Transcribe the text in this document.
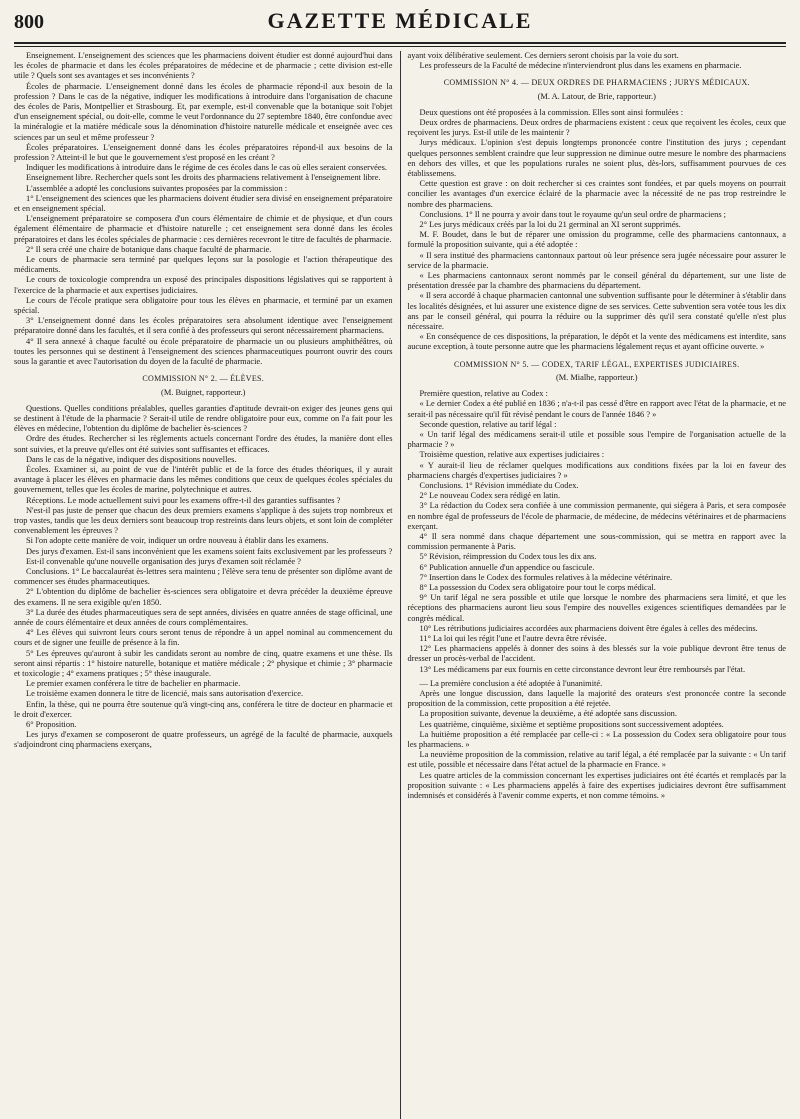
800	GAZETTE MÉDICALE

Enseignement. L'enseignement des sciences que les pharmaciens doivent étudier est donné aujourd'hui dans les écoles de pharmacie et dans les écoles préparatoires de médecine et de pharmacie ; cette division est-elle utile ? Quels sont ses avantages et ses inconvénients ?

Écoles de pharmacie. L'enseignement donné dans les écoles de pharmacie répond-il aux besoin de la profession ? Dans le cas de la négative, indiquer les modifications à introduire dans l'organisation de chacune des écoles de Paris, Montpellier et Strasbourg. Et, par exemple, est-il convenable que la botanique soit l'objet d'un enseignement spécial, ou doit-elle, comme le veut l'ordonnance du 27 septembre 1840, être confondue avec la minéralogie et la matière médicale sous la dénomination d'histoire naturelle médicale et enseignée avec ces sciences par un seul et même professeur ?

Écoles préparatoires. L'enseignement donné dans les écoles préparatoires répond-il aux besoins de la profession ? Atteint-il le but que le gouvernement s'est proposé en les créant ?

Indiquer les modifications à introduire dans le régime de ces écoles dans le cas où elles seraient conservées.

Enseignement libre. Rechercher quels sont les droits des pharmaciens relativement à l'enseignement libre.

L'assemblée a adopté les conclusions suivantes proposées par la commission :

1° L'enseignement des sciences que les pharmaciens doivent étudier sera divisé en enseignement préparatoire et en enseignement spécial.

L'enseignement préparatoire se composera d'un cours élémentaire de chimie et de physique, et d'un cours également élémentaire de pharmacie et d'histoire naturelle ; cet enseignement sera donné dans les écoles préparatoires et dans les écoles spéciales de pharmacie : ces dernières recevront le titre de facultés de pharmacie.

2° Il sera créé une chaire de botanique dans chaque faculté de pharmacie.

Le cours de pharmacie sera terminé par quelques leçons sur la posologie et l'action thérapeutique des médicaments.

Le cours de toxicologie comprendra un exposé des principales dispositions législatives qui se rapportent à l'exercice de la pharmacie et aux expertises judiciaires.

Le cours de l'école pratique sera obligatoire pour tous les élèves en pharmacie, et terminé par un examen spécial.

3° L'enseignement donné dans les écoles préparatoires sera absolument identique avec l'enseignement préparatoire donné dans les facultés, et il sera confié à des professeurs qui seront nécessairement pharmaciens.

4° Il sera annexé à chaque faculté ou école préparatoire de pharmacie un ou plusieurs amphithéâtres, où toutes les personnes qui se destinent à l'enseignement des sciences pharmaceutiques pourront ouvrir des cours sous la garantie et avec l'autorisation du doyen de la faculté de pharmacie.

COMMISSION N° 2. — ÉLÈVES.

(M. Buignet, rapporteur.)

Questions. Quelles conditions préalables, quelles garanties d'aptitude devrait-on exiger des jeunes gens qui se destinent à l'étude de la pharmacie ? Serait-il utile de rendre obligatoire pour eux, comme on l'a fait pour les élèves en médecine, l'obtention du diplôme de bachelier ès-sciences ?

Ordre des études. Rechercher si les règlements actuels concernant l'ordre des études, la manière dont elles sont suivies, et la preuve qu'elles ont été suivies sont suffisantes et efficaces.

Dans le cas de la négative, indiquer des dispositions nouvelles.

Écoles. Examiner si, au point de vue de l'intérêt public et de la force des études théoriques, il y aurait avantage à placer les élèves en pharmacie dans les mêmes conditions que ceux de quelques écoles spéciales du gouvernement, telles que les écoles de marine, polytechnique et autres.

Réceptions. Le mode actuellement suivi pour les examens offre-t-il des garanties suffisantes ?

N'est-il pas juste de penser que chacun des deux premiers examens s'applique à des sujets trop nombreux et trop vastes, tandis que les deux derniers sont beaucoup trop restreints dans leurs objets, et sont loin de compléter convenablement les épreuves ?

Si l'on adopte cette manière de voir, indiquer un ordre nouveau à établir dans les examens.

Des jurys d'examen. Est-il sans inconvénient que les examens soient faits exclusivement par les professeurs ?

Est-il convenable qu'une nouvelle organisation des jurys d'examen soit réclamée ?

Conclusions. 1° Le baccalauréat ès-lettres sera maintenu ; l'élève sera tenu de présenter son diplôme avant de commencer ses études pharmaceutiques.

2° L'obtention du diplôme de bachelier ès-sciences sera obligatoire et devra précéder la deuxième épreuve des examens. Il ne sera exigible qu'en 1850.

3° La durée des études pharmaceutiques sera de sept années, divisées en quatre années de stage officinal, une année de cours élémentaire et deux années de cours complémentaires.

4° Les élèves qui suivront leurs cours seront tenus de répondre à un appel nominal au commencement du cours et de signer une feuille de présence à la fin.

5° Les épreuves qu'auront à subir les candidats seront au nombre de cinq, quatre examens et une thèse. Ils seront ainsi répartis : 1° histoire naturelle, botanique et matière médicale ; 2° physique et chimie ; 3° pharmacie et toxicologie ; 4° examens pratiques ; 5° thèse inaugurale.

Le premier examen conférera le titre de bachelier en pharmacie.

Le troisième examen donnera le titre de licencié, mais sans autorisation d'exercice.

Enfin, la thèse, qui ne pourra être soutenue qu'à vingt-cinq ans, conférera le titre de docteur en pharmacie et le droit d'exercer.

6° Proposition.

Les jurys d'examen se composeront de quatre professeurs, un agrégé de la faculté de pharmacie, auxquels s'adjoindront cinq pharmaciens exerçans,

ayant voix délibérative seulement. Ces derniers seront choisis par la voie du sort.

Les professeurs de la Faculté de médecine n'interviendront plus dans les examens en pharmacie.

COMMISSION N° 4. — DEUX ORDRES DE PHARMACIENS ; JURYS MÉDICAUX.

(M. A. Latour, de Brie, rapporteur.)

Deux questions ont été proposées à la commission. Elles sont ainsi formulées :

Deux ordres de pharmaciens. Deux ordres de pharmaciens existent : ceux que reçoivent les écoles, ceux que reçoivent les jurys. Est-il utile de les maintenir ?

Jurys médicaux. L'opinion s'est depuis longtemps prononcée contre l'institution des jurys ; cependant quelques personnes semblent craindre que leur suppression ne diminue outre mesure le nombre des pharmaciens en dehors des villes, et que les populations rurales ne soient plus, dès-lors, suffisamment pourvues de ces établissemens.

Cette question est grave : on doit rechercher si ces craintes sont fondées, et par quels moyens on pourrait concilier les avantages d'un exercice éclairé de la pharmacie avec la nécessité de ne pas trop restreindre le nombre des pharmaciens.

Conclusions. 1° Il ne pourra y avoir dans tout le royaume qu'un seul ordre de pharmaciens ;

2° Les jurys médicaux créés par la loi du 21 germinal an XI seront supprimés.

M. F. Boudet, dans le but de réparer une omission du programme, celle des pharmaciens cantonnaux, a formulé la proposition suivante, qui a été adoptée :

« Il sera institué des pharmaciens cantonnaux partout où leur présence sera jugée nécessaire pour assurer le service de la pharmacie.

« Les pharmaciens cantonnaux seront nommés par le conseil général du département, sur une liste de présentation dressée par la chambre des pharmaciens du département.

« Il sera accordé à chaque pharmacien cantonnal une subvention suffisante pour le déterminer à s'établir dans les localités désignées, et lui assurer une existence digne de ses services. Cette subvention sera votée tous les dix ans par le conseil général, qui pourra la réduire ou la supprimer dès qu'il sera constaté qu'elle n'est plus nécessaire.

« En conséquence de ces dispositions, la préparation, le dépôt et la vente des médicamens est interdite, sans aucune exception, à toute personne autre que les pharmaciens légalement reçus et ayant officine ouverte. »

COMMISSION N° 5. — CODEX, TARIF LÉGAL, EXPERTISES JUDICIAIRES.

(M. Mialhe, rapporteur.)

Première question, relative au Codex :

« Le dernier Codex a été publié en 1836 ; n'a-t-il pas cessé d'être en rapport avec l'état de la pharmacie, et ne serait-il pas nécessaire qu'il fût révisé pendant le cours de l'année 1846 ? »

Seconde question, relative au tarif légal :

« Un tarif légal des médicamens serait-il utile et possible sous l'empire de l'organisation actuelle de la pharmacie ? »

Troisième question, relative aux expertises judiciaires :

« Y aurait-il lieu de réclamer quelques modifications aux conditions fixées par la loi en faveur des pharmaciens chargés d'expertises judiciaires ? »

Conclusions. 1° Révision immédiate du Codex.

2° Le nouveau Codex sera rédigé en latin.

3° La rédaction du Codex sera confiée à une commission permanente, qui siégera à Paris, et sera composée en nombre égal de professeurs de l'école de pharmacie, de médecine, de médecins vétérinaires et de pharmaciens exerçant.

4° Il sera nommé dans chaque département une sous-commission, qui se mettra en rapport avec la commission permanente à Paris.

5° Révision, réimpression du Codex tous les dix ans.

6° Publication annuelle d'un appendice ou fascicule.

7° Insertion dans le Codex des formules relatives à la médecine vétérinaire.

8° La possession du Codex sera obligatoire pour tout le corps médical.

9° Un tarif légal ne sera possible et utile que lorsque le nombre des pharmaciens sera limité, et que les réceptions des pharmaciens auront lieu sous l'empire des nouvelles exigences scientifiques demandées par le congrès médical.

10° Les rétributions judiciaires accordées aux pharmaciens doivent être égales à celles des médecins.

11° La loi qui les régit l'une et l'autre devra être révisée.

12° Les pharmaciens appelés à donner des soins à des blessés sur la voie publique devront être tenus de dresser un procès-verbal de l'accident.

13° Les médicamens par eux fournis en cette circonstance devront leur être remboursés par l'état.

— La première conclusion a été adoptée à l'unanimité.

Après une longue discussion, dans laquelle la majorité des orateurs s'est prononcée contre la seconde proposition de la commission, cette proposition a été rejetée.

La proposition suivante, devenue la deuxième, a été adoptée sans discussion.

Les quatrième, cinquième, sixième et septième propositions sont successivement adoptées.

La huitième proposition a été remplacée par celle-ci : « La possession du Codex sera obligatoire pour tous les pharmaciens. »

La neuvième proposition de la commission, relative au tarif légal, a été remplacée par la suivante : « Un tarif est utile, possible et nécessaire dans l'état actuel de la pharmacie en France. »

Les quatre articles de la commission concernant les expertises judiciaires ont été écartés et remplacés par la proposition suivante : « Les pharmaciens appelés à faire des expertises judiciaires devront être suffisamment indemnisés et considérés à l'avenir comme experts, et non comme témoins. »
